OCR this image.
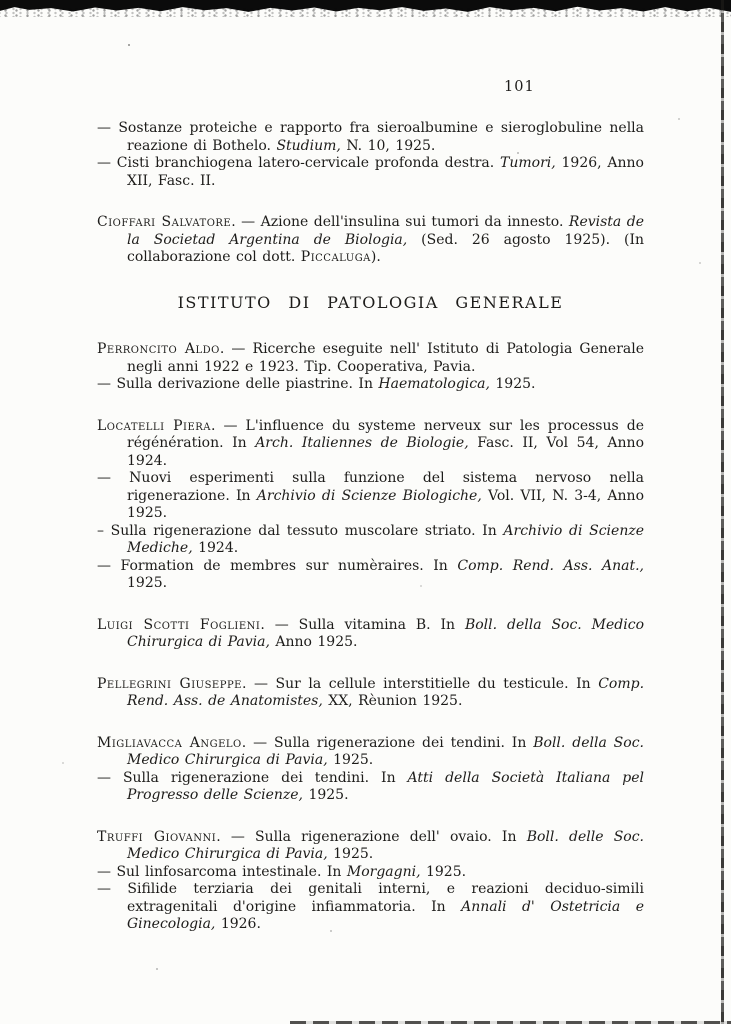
101

— Sostanze proteiche e rapporto fra sieroalbumine e sieroglobuline nella reazione di Bothelo. Studium, N. 10, 1925.

— Cisti branchiogena latero-cervicale profonda destra. Tumori, 1926, Anno XII, Fasc. II.

Cioffari Salvatore. — Azione dell'insulina sui tumori da innesto. Revista de la Societad Argentina de Biologia, (Sed. 26 agosto 1925). (In collaborazione col dott. Piccaluga).

ISTITUTO DI PATOLOGIA GENERALE

Perroncito Aldo. — Ricerche eseguite nell' Istituto di Patologia Generale negli anni 1922 e 1923. Tip. Cooperativa, Pavia.

— Sulla derivazione delle piastrine. In Haematologica, 1925.

Locatelli Piera. — L'influence du systeme nerveux sur les processus de régénération. In Arch. Italiennes de Biologie, Fasc. II, Vol 54, Anno 1924.

— Nuovi esperimenti sulla funzione del sistema nervoso nella rigenerazione. In Archivio di Scienze Biologiche, Vol. VII, N. 3-4, Anno 1925.

– Sulla rigenerazione dal tessuto muscolare striato. In Archivio di Scienze Mediche, 1924.

— Formation de membres sur numèraires. In Comp. Rend. Ass. Anat., 1925.

Luigi Scotti Foglieni. — Sulla vitamina B. In Boll. della Soc. Medico Chirurgica di Pavia, Anno 1925.

Pellegrini Giuseppe. — Sur la cellule interstitielle du testicule. In Comp. Rend. Ass. de Anatomistes, XX, Rèunion 1925.

Migliavacca Angelo. — Sulla rigenerazione dei tendini. In Boll. della Soc. Medico Chirurgica di Pavia, 1925.

— Sulla rigenerazione dei tendini. In Atti della Società Italiana pel Progresso delle Scienze, 1925.

Truffi Giovanni. — Sulla rigenerazione dell' ovaio. In Boll. delle Soc. Medico Chirurgica di Pavia, 1925.

— Sul linfosarcoma intestinale. In Morgagni, 1925.

— Sifilide terziaria dei genitali interni, e reazioni deciduo-simili extragenitali d'origine infiammatoria. In Annali d' Ostetricia e Ginecologia, 1926.
